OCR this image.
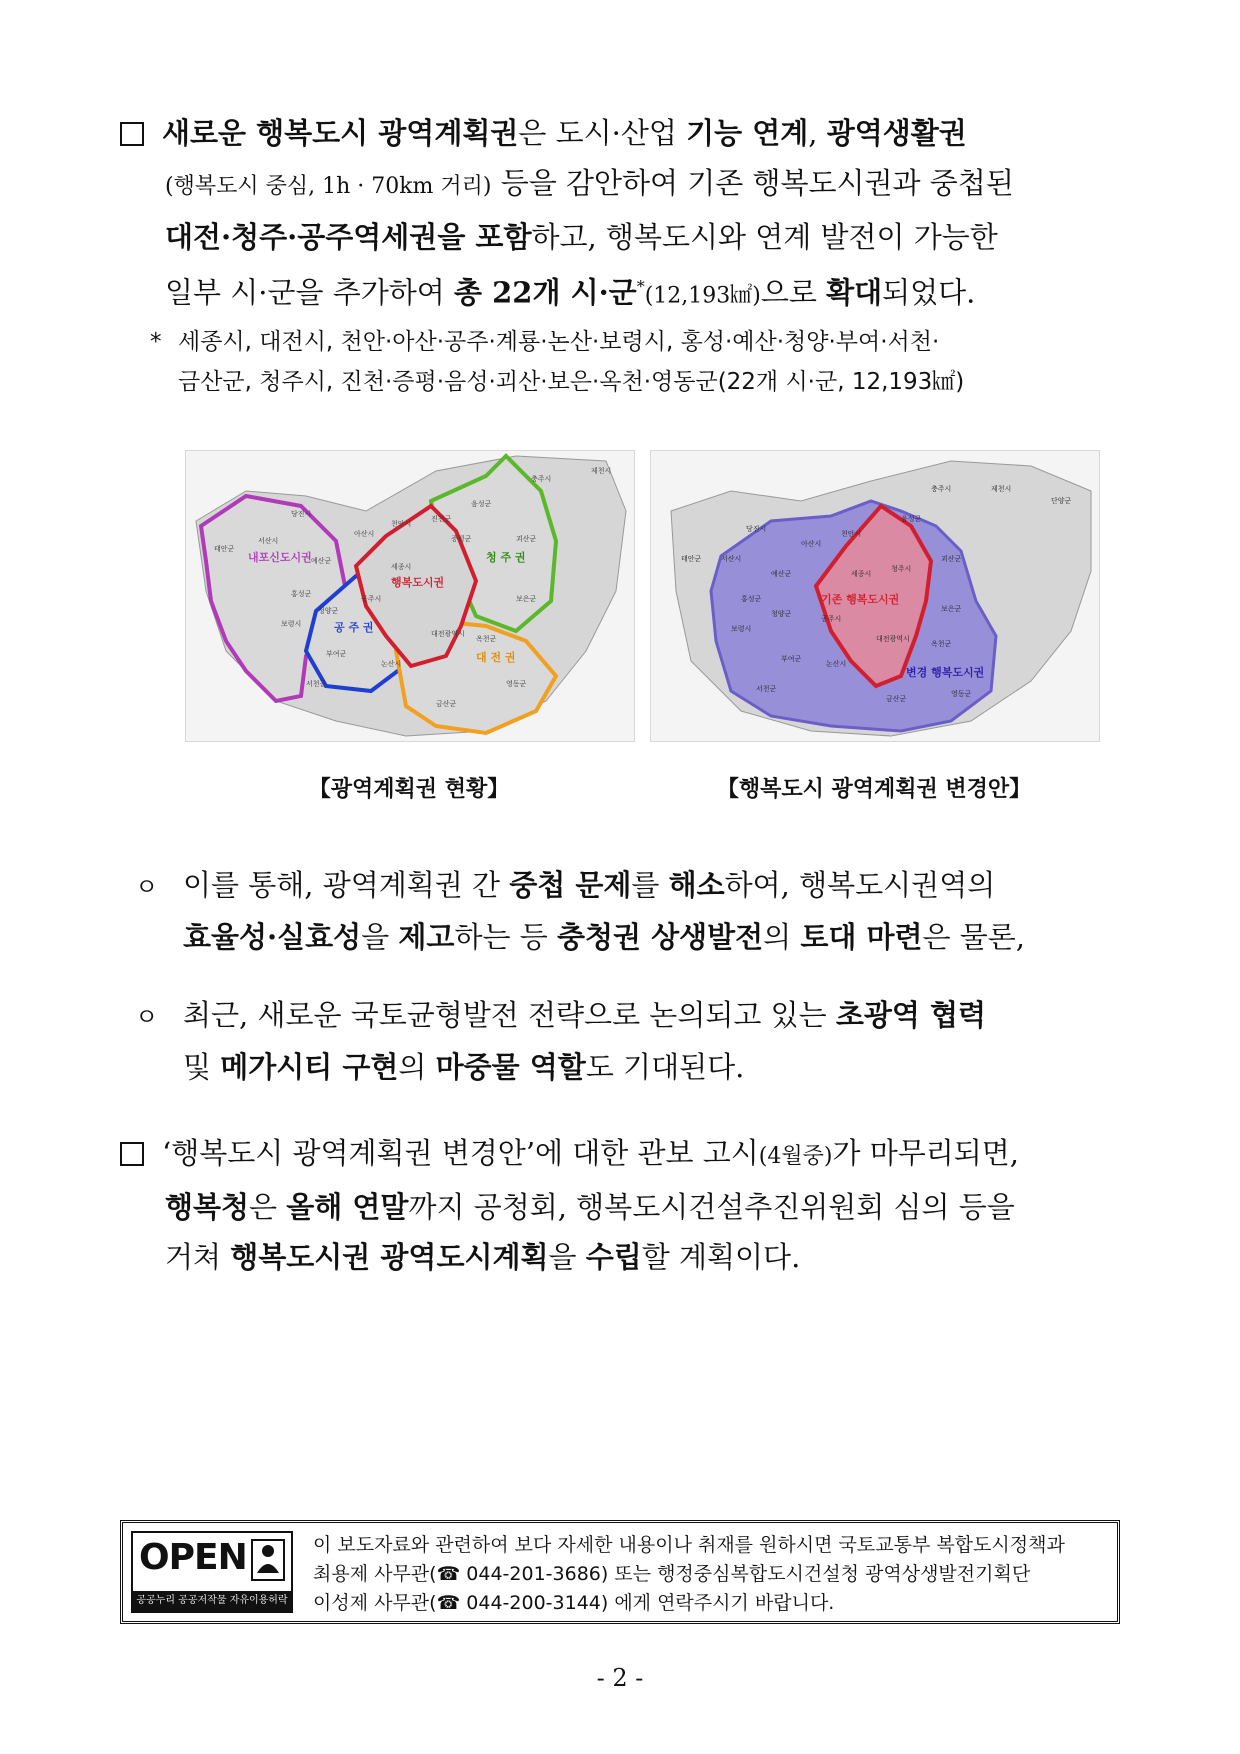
새로운 행복도시 광역계획권은 도시·산업 기능 연계, 광역생활권
(행복도시 중심, 1h · 70km 거리) 등을 감안하여 기존 행복도시권과 중첩된
대전·청주·공주역세권을 포함하고, 행복도시와 연계 발전이 가능한
일부 시·군을 추가하여 총 22개 시·군*(12,193㎢)으로 확대되었다.
* 세종시, 대전시, 천안·아산·공주·계룡·논산·보령시, 홍성·예산·청양·부여·서천·
금산군, 청주시, 진천·증평·음성·괴산·보은·옥천·영동군(22개 시·군, 12,193㎢)
내포신도시권	청 주 권
행복도시권
공 주 권
대 전 권
당진시
서산시
태안군
아산시
천안시
예산군
홍성군
청양군
보령시
부여군
서천군
논산시
금산군
옥천군
영동군
보은군
괴산군
음성군
충주시
제천시
진천군
증평군
세종시
공주시
대전광역시
기존 행복도시권
변경 행복도시권
제천시
단양군
충주시
음성군
괴산군
당진시
서산시
태안군
아산시
천안시
예산군
홍성군
청양군
보령시
부여군
서천군
논산시
금산군
옥천군
영동군
보은군
세종시
청주시
대전광역시
공주시
【광역계획권 현황】	【행복도시 광역계획권 변경안】
ㅇ 이를 통해, 광역계획권 간 중첩 문제를 해소하여, 행복도시권역의
효율성·실효성을 제고하는 등 충청권 상생발전의 토대 마련은 물론,
ㅇ 최근, 새로운 국토균형발전 전략으로 논의되고 있는 초광역 협력
및 메가시티 구현의 마중물 역할도 기대된다.
‘행복도시 광역계획권 변경안’에 대한 관보 고시(4월중)가 마무리되면,
행복청은 올해 연말까지 공청회, 행복도시건설추진위원회 심의 등을
거쳐 행복도시권 광역도시계획을 수립할 계획이다.
OPEN
공공누리 공공저작물 자유이용허락
이 보도자료와 관련하여 보다 자세한 내용이나 취재를 원하시면 국토교통부 복합도시정책과
최용제 사무관(☎ 044-201-3686) 또는 행정중심복합도시건설청 광역상생발전기획단
이성제 사무관(☎ 044-200-3144) 에게 연락주시기 바랍니다.
- 2 -
